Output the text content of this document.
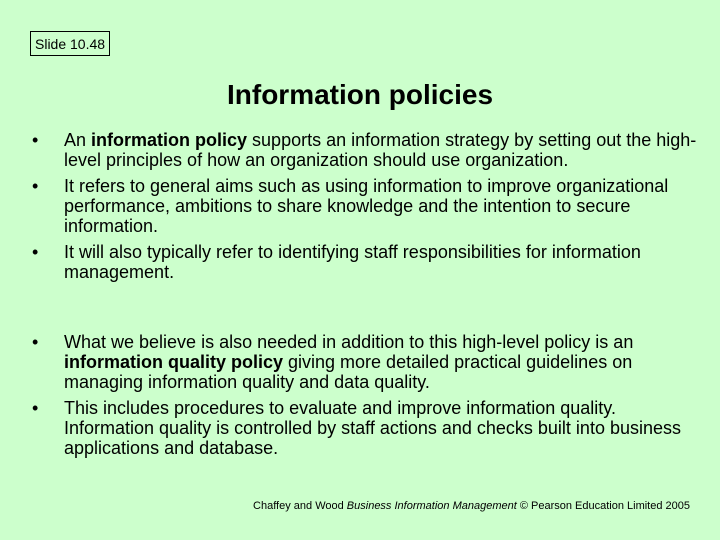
Slide 10.48
Information policies
•	An information policy supports an information strategy by setting out the high-level principles of how an organization should use organization.
•	It refers to general aims such as using information to improve organizational performance, ambitions to share knowledge and the intention to secure information.
•	It will also typically refer to identifying staff responsibilities for information management.
•	What we believe is also needed in addition to this high-level policy is an information quality policy giving more detailed practical guidelines on managing information quality and data quality.
•	This includes procedures to evaluate and improve information quality. Information quality is controlled by staff actions and checks built into business applications and database.
Chaffey and Wood Business Information Management © Pearson Education Limited 2005
